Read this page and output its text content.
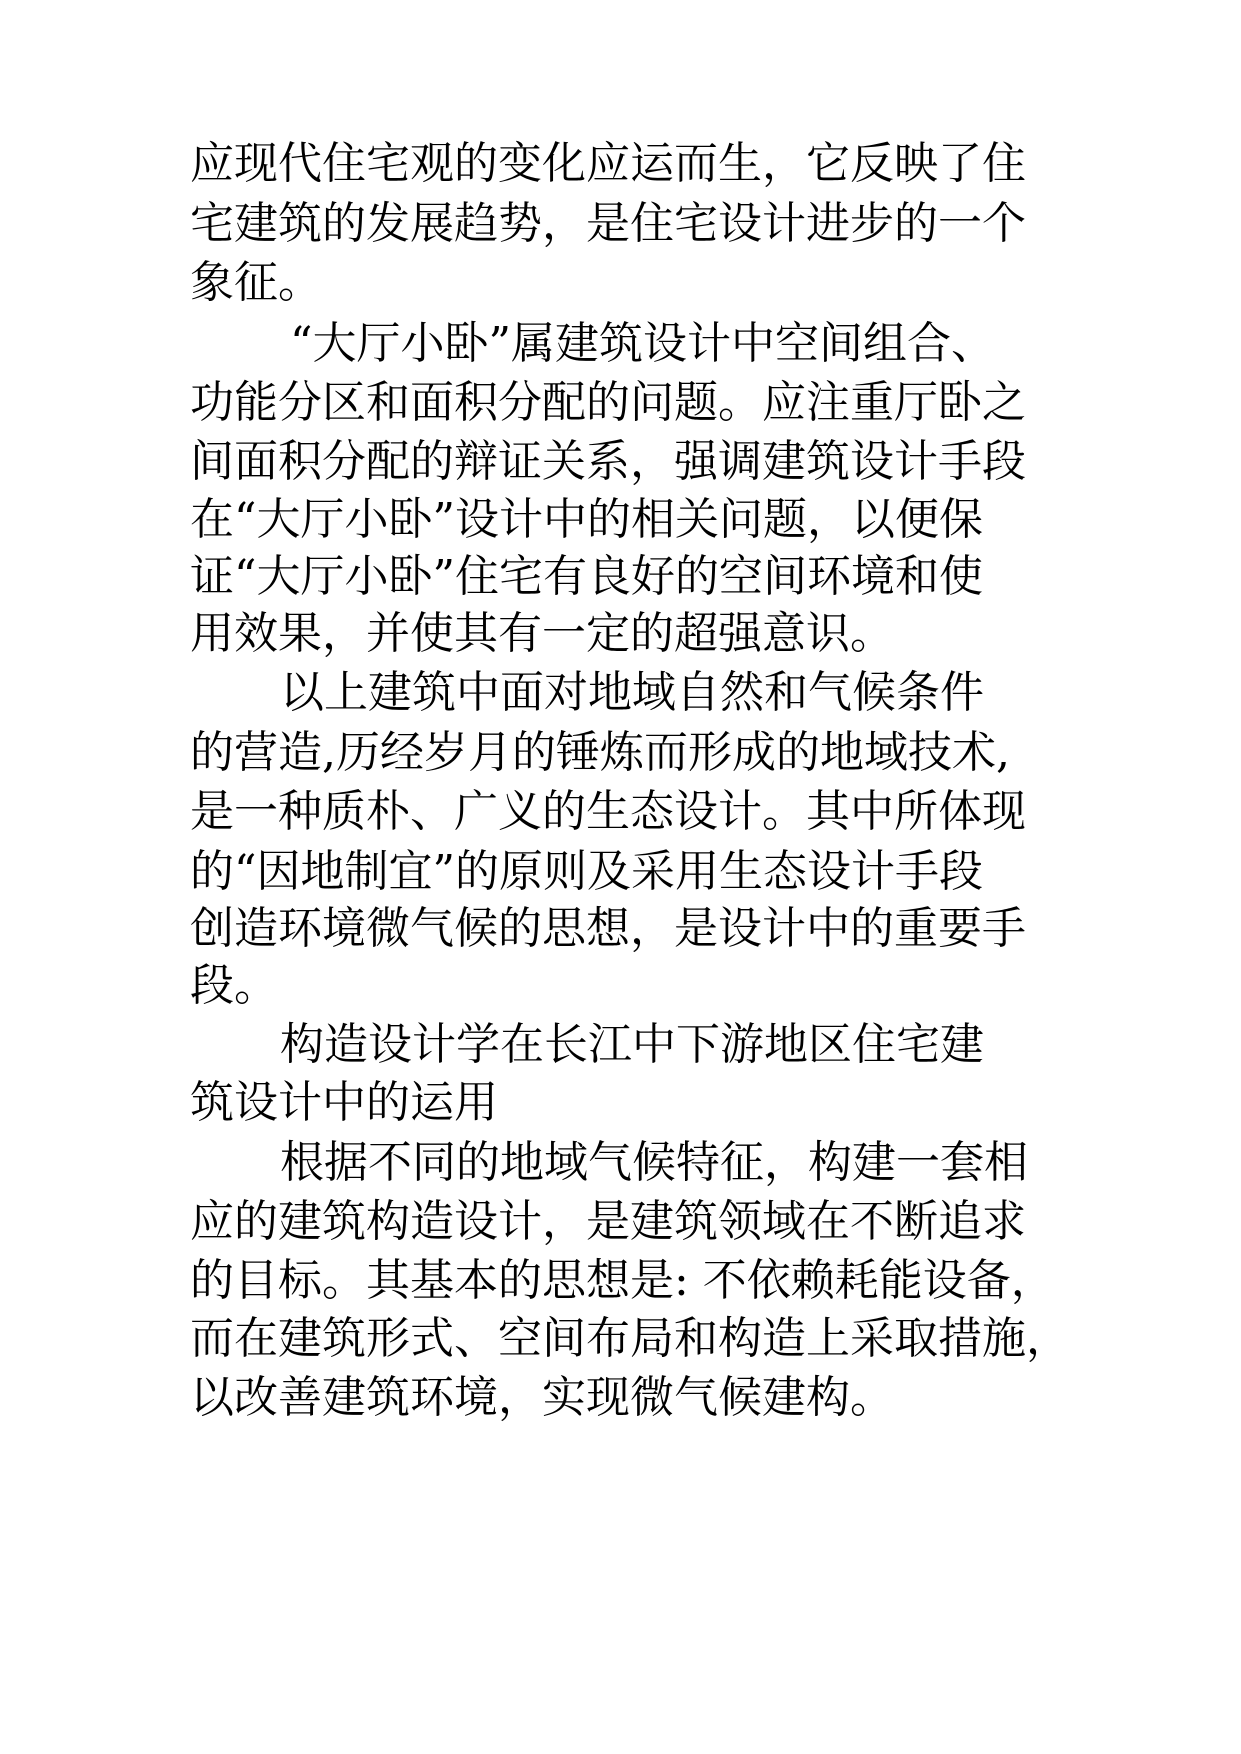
应现代住宅观的变化应运而生，它反映了住
宅建筑的发展趋势，是住宅设计进步的一个
象征。
“大厅小卧”属建筑设计中空间组合、
功能分区和面积分配的问题。应注重厅卧之
间面积分配的辩证关系，强调建筑设计手段
在“大厅小卧”设计中的相关问题，以便保
证“大厅小卧”住宅有良好的空间环境和使
用效果，并使其有一定的超强意识。
以上建筑中面对地域自然和气候条件
的营造,历经岁月的锤炼而形成的地域技术,
是一种质朴、广义的生态设计。其中所体现
的“因地制宜”的原则及采用生态设计手段
创造环境微气候的思想，是设计中的重要手
段。
构造设计学在长江中下游地区住宅建
筑设计中的运用
根据不同的地域气候特征，构建一套相
应的建筑构造设计，是建筑领域在不断追求
的目标。其基本的思想是: 不依赖耗能设备，
而在建筑形式、空间布局和构造上采取措施，
以改善建筑环境，实现微气候建构。
